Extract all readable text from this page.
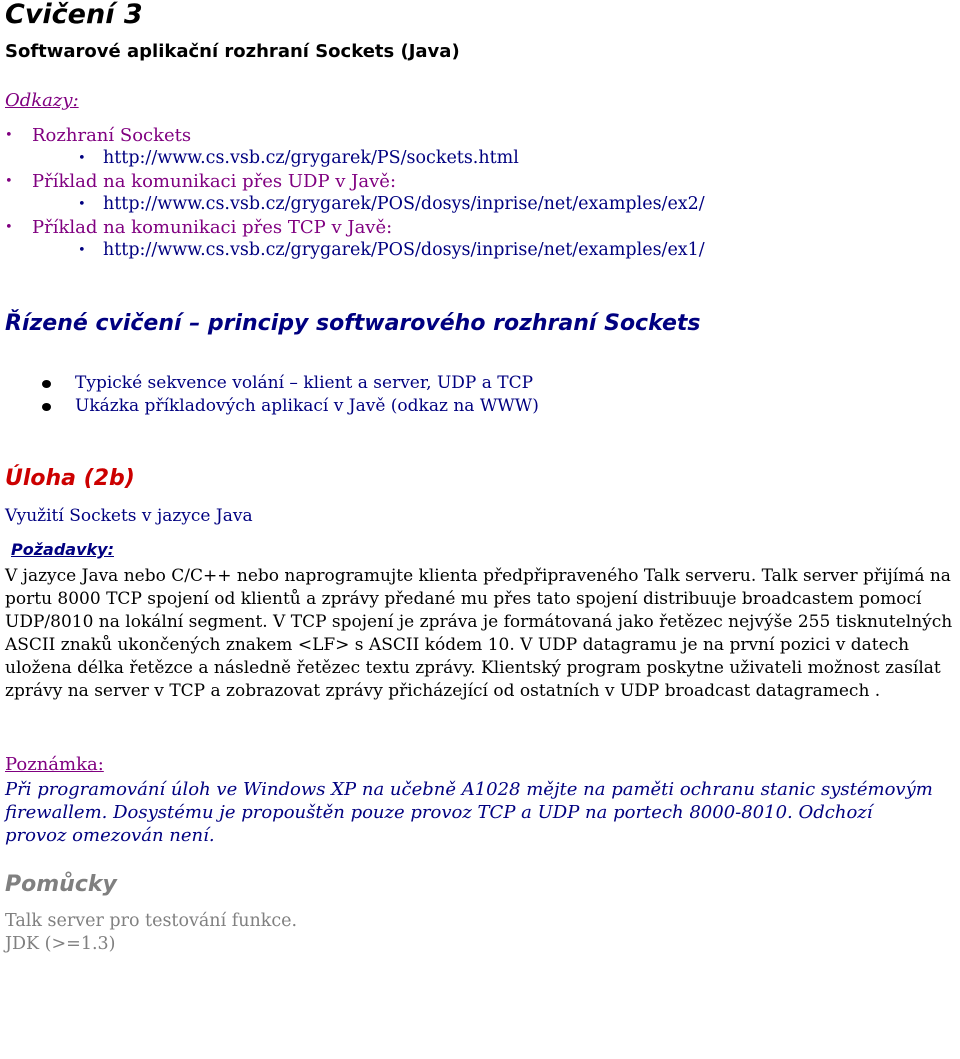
Cvičení 3
Softwarové aplikační rozhraní Sockets (Java)
Odkazy:
• Rozhraní Sockets
• http://www.cs.vsb.cz/grygarek/PS/sockets.html
• Příklad na komunikaci přes UDP v Javě:
• http://www.cs.vsb.cz/grygarek/POS/dosys/inprise/net/examples/ex2/
• Příklad na komunikaci přes TCP v Javě:
• http://www.cs.vsb.cz/grygarek/POS/dosys/inprise/net/examples/ex1/
Řízené cvičení – principy softwarového rozhraní Sockets
Typické sekvence volání – klient a server, UDP a TCP
Ukázka příkladových aplikací v Javě (odkaz na WWW)
Úloha (2b)
Využití Sockets v jazyce Java
Požadavky:

V jazyce Java nebo C/C++ nebo naprogramujte klienta předpřipraveného Talk serveru. Talk server přijímá na portu 8000 TCP spojení od klientů a zprávy předané mu přes tato spojení distribuuje broadcastem pomocí UDP/8010 na lokální segment. V TCP spojení je zpráva je formátovaná jako řetězec nejvýše 255 tisknutelných ASCII znaků ukončených znakem <LF> s ASCII kódem 10. V UDP datagramu je na první pozici v datech uložena délka řetězce a následně řetězec textu zprávy. Klientský program poskytne uživateli možnost zasílat zprávy na server v TCP a zobrazovat zprávy přicházející od ostatních v UDP broadcast datagramech .

Poznámka:

Při programování úloh ve Windows XP na učebně A1028 mějte na paměti ochranu stanic systémovým firewallem. Dosystému je propouštěn pouze provoz TCP a UDP na portech 8000-8010. Odchozí provoz omezován není.

Pomůcky
Talk server pro testování funkce.
JDK (>=1.3)
